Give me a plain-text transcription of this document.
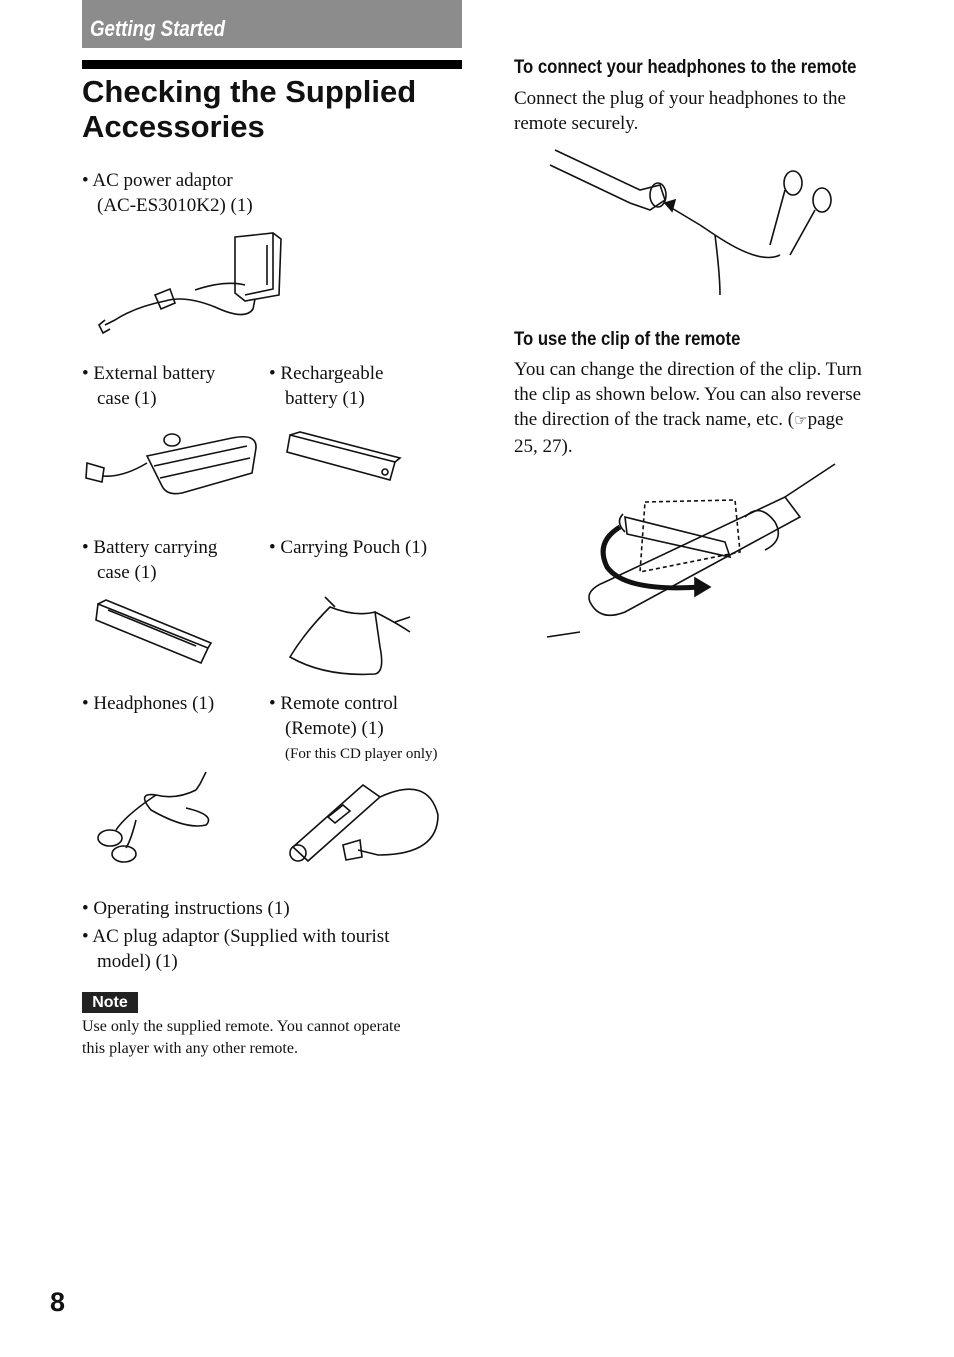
Getting Started
Checking the Supplied Accessories
• AC power adaptor
(AC-ES3010K2) (1)
• External battery
case (1)
• Rechargeable
battery (1)
• Battery carrying
case (1)
• Carrying Pouch (1)
• Headphones (1)	• Remote control
(Remote) (1)
(For this CD player only)
• Operating instructions (1)
• AC plug adaptor (Supplied with tourist
model) (1)
Note
Use only the supplied remote. You cannot operate
this player with any other remote.
To connect your headphones to the remote
Connect the plug of your headphones to the
remote securely.
To use the clip of the remote
You can change the direction of the clip. Turn
the clip as shown below. You can also reverse
the direction of the track name, etc. (☞page
25, 27).
8
